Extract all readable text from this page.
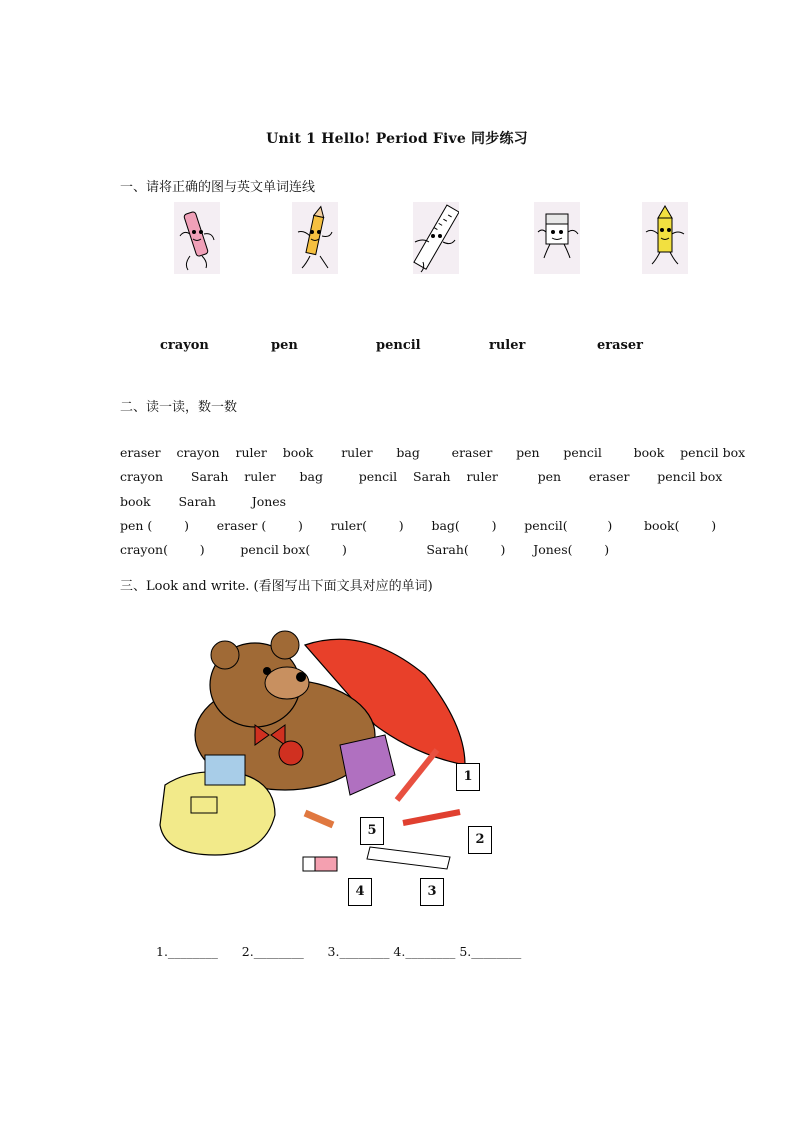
Unit 1 Hello! Period Five 同步练习
一、请将正确的图与英文单词连线
crayon	pen	pencil	ruler	eraser
二、读一读，数一数
eraser    crayon    ruler    book       ruler      bag        eraser      pen      pencil        book    pencil box
crayon       Sarah    ruler      bag         pencil    Sarah    ruler          pen       eraser       pencil box
book       Sarah         Jones
pen (        )       eraser (        )       ruler(        )       bag(        )       pencil(          )        book(        )
crayon(        )         pencil box(        )                    Sarah(        )       Jones(        )
三、Look and write. (看图写出下面文具对应的单词)
1
2
3
4
5
1.________      2.________      3.________ 4.________ 5.________
